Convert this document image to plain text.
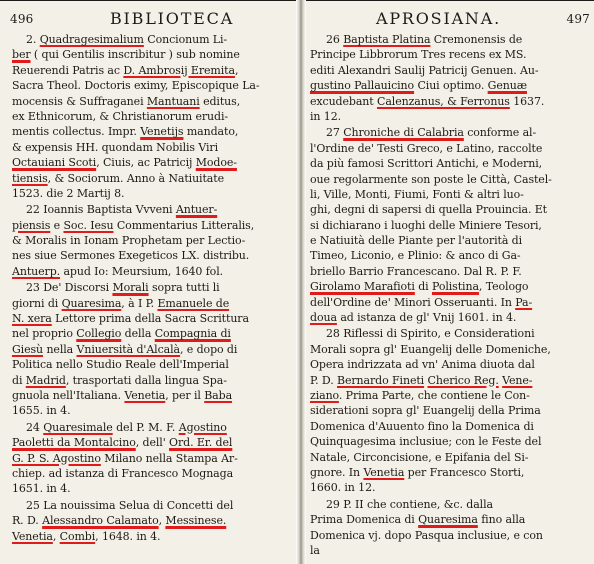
496	BIBLIOTECA
2. Quadragesimalium Concionum Li-
ber ( qui Gentilis inscribitur ) sub nomine
Reuerendi Patris ac D. Ambrosij Eremita,
Sacra Theol. Doctoris eximy, Episcopique La-
mocensis & Suffraganei Mantuani editus,
ex Ethnicorum, & Christianorum erudi-
mentis collectus. Impr. Venetijs mandato,
& expensis HH. quondam Nobilis Viri
Octauiani Scoti, Ciuis, ac Patricij Modoe-
tiensis, & Sociorum. Anno à Natiuitate
1523. die 2 Martij 8.
22 Ioannis Baptista Vvveni Antuer-
piensis e Soc. Iesu Commentarius Litteralis,
& Moralis in Ionam Prophetam per Lectio-
nes siue Sermones Exegeticos LX. distribu.
Antuerp. apud Io: Meursium, 1640 fol.
23 De' Discorsi Morali sopra tutti li
giorni di Quaresima, à I P. Emanuele de
N. xera Lettore prima della Sacra Scrittura
nel proprio Collegio della Compagnia di
Giesù nella Vniuersità d'Alcalà, e dopo di
Politica nello Studio Reale dell'Imperial
di Madrid, trasportati dalla lingua Spa-
gnuola nell'Italiana. Venetia, per il Baba
1655. in 4.
24 Quaresimale del P. M. F. Agostino
Paoletti da Montalcino, dell' Ord. Er. del
G. P. S. Agostino Milano nella Stampa Ar-
chiep. ad istanza di Francesco Mognaga
1651. in 4.
25 La nouissima Selua di Concetti del
R. D. Alessandro Calamato, Messinese.
Venetia, Combi, 1648. in 4.
APROSIANA.	497
26 Baptista Platina Cremonensis de
Principe Libbrorum Tres recens ex MS.
editi Alexandri Saulij Patricij Genuen. Au-
gustino Pallauicino Ciui optimo. Genuæ
excudebant Calenzanus, & Ferronus 1637.
in 12.
27 Chroniche di Calabria conforme al-
l'Ordine de' Testi Greco, e Latino, raccolte
da più famosi Scrittori Antichi, e Moderni,
oue regolarmente son poste le Città, Castel-
li, Ville, Monti, Fiumi, Fonti & altri luo-
ghi, degni di sapersi di quella Prouincia. Et
si dichiarano i luoghi delle Miniere Tesori,
e Natiuità delle Piante per l'autorità di
Timeo, Liconio, e Plinio: & anco di Ga-
briello Barrio Francescano. Dal R. P. F.
Girolamo Marafioti di Polistina, Teologo
dell'Ordine de' Minori Osseruanti. In Pa-
doua ad istanza de gl' Vnij 1601. in 4.
28 Riflessi di Spirito, e Considerationi
Morali sopra gl' Euangelij delle Domeniche,
Opera indrizzata ad vn' Anima diuota dal
P. D. Bernardo Fineti Cherico Reg. Vene-
ziano. Prima Parte, che contiene le Con-
siderationi sopra gl' Euangelij della Prima
Domenica d'Auuento fino la Domenica di
Quinquagesima inclusiue; con le Feste del
Natale, Circoncisione, e Epifania del Si-
gnore. In Venetia per Francesco Storti,
1660. in 12.
29 P. II che contiene, &c. dalla
Prima Domenica di Quaresima fino alla
Domenica vj. dopo Pasqua inclusiue, e con
la
